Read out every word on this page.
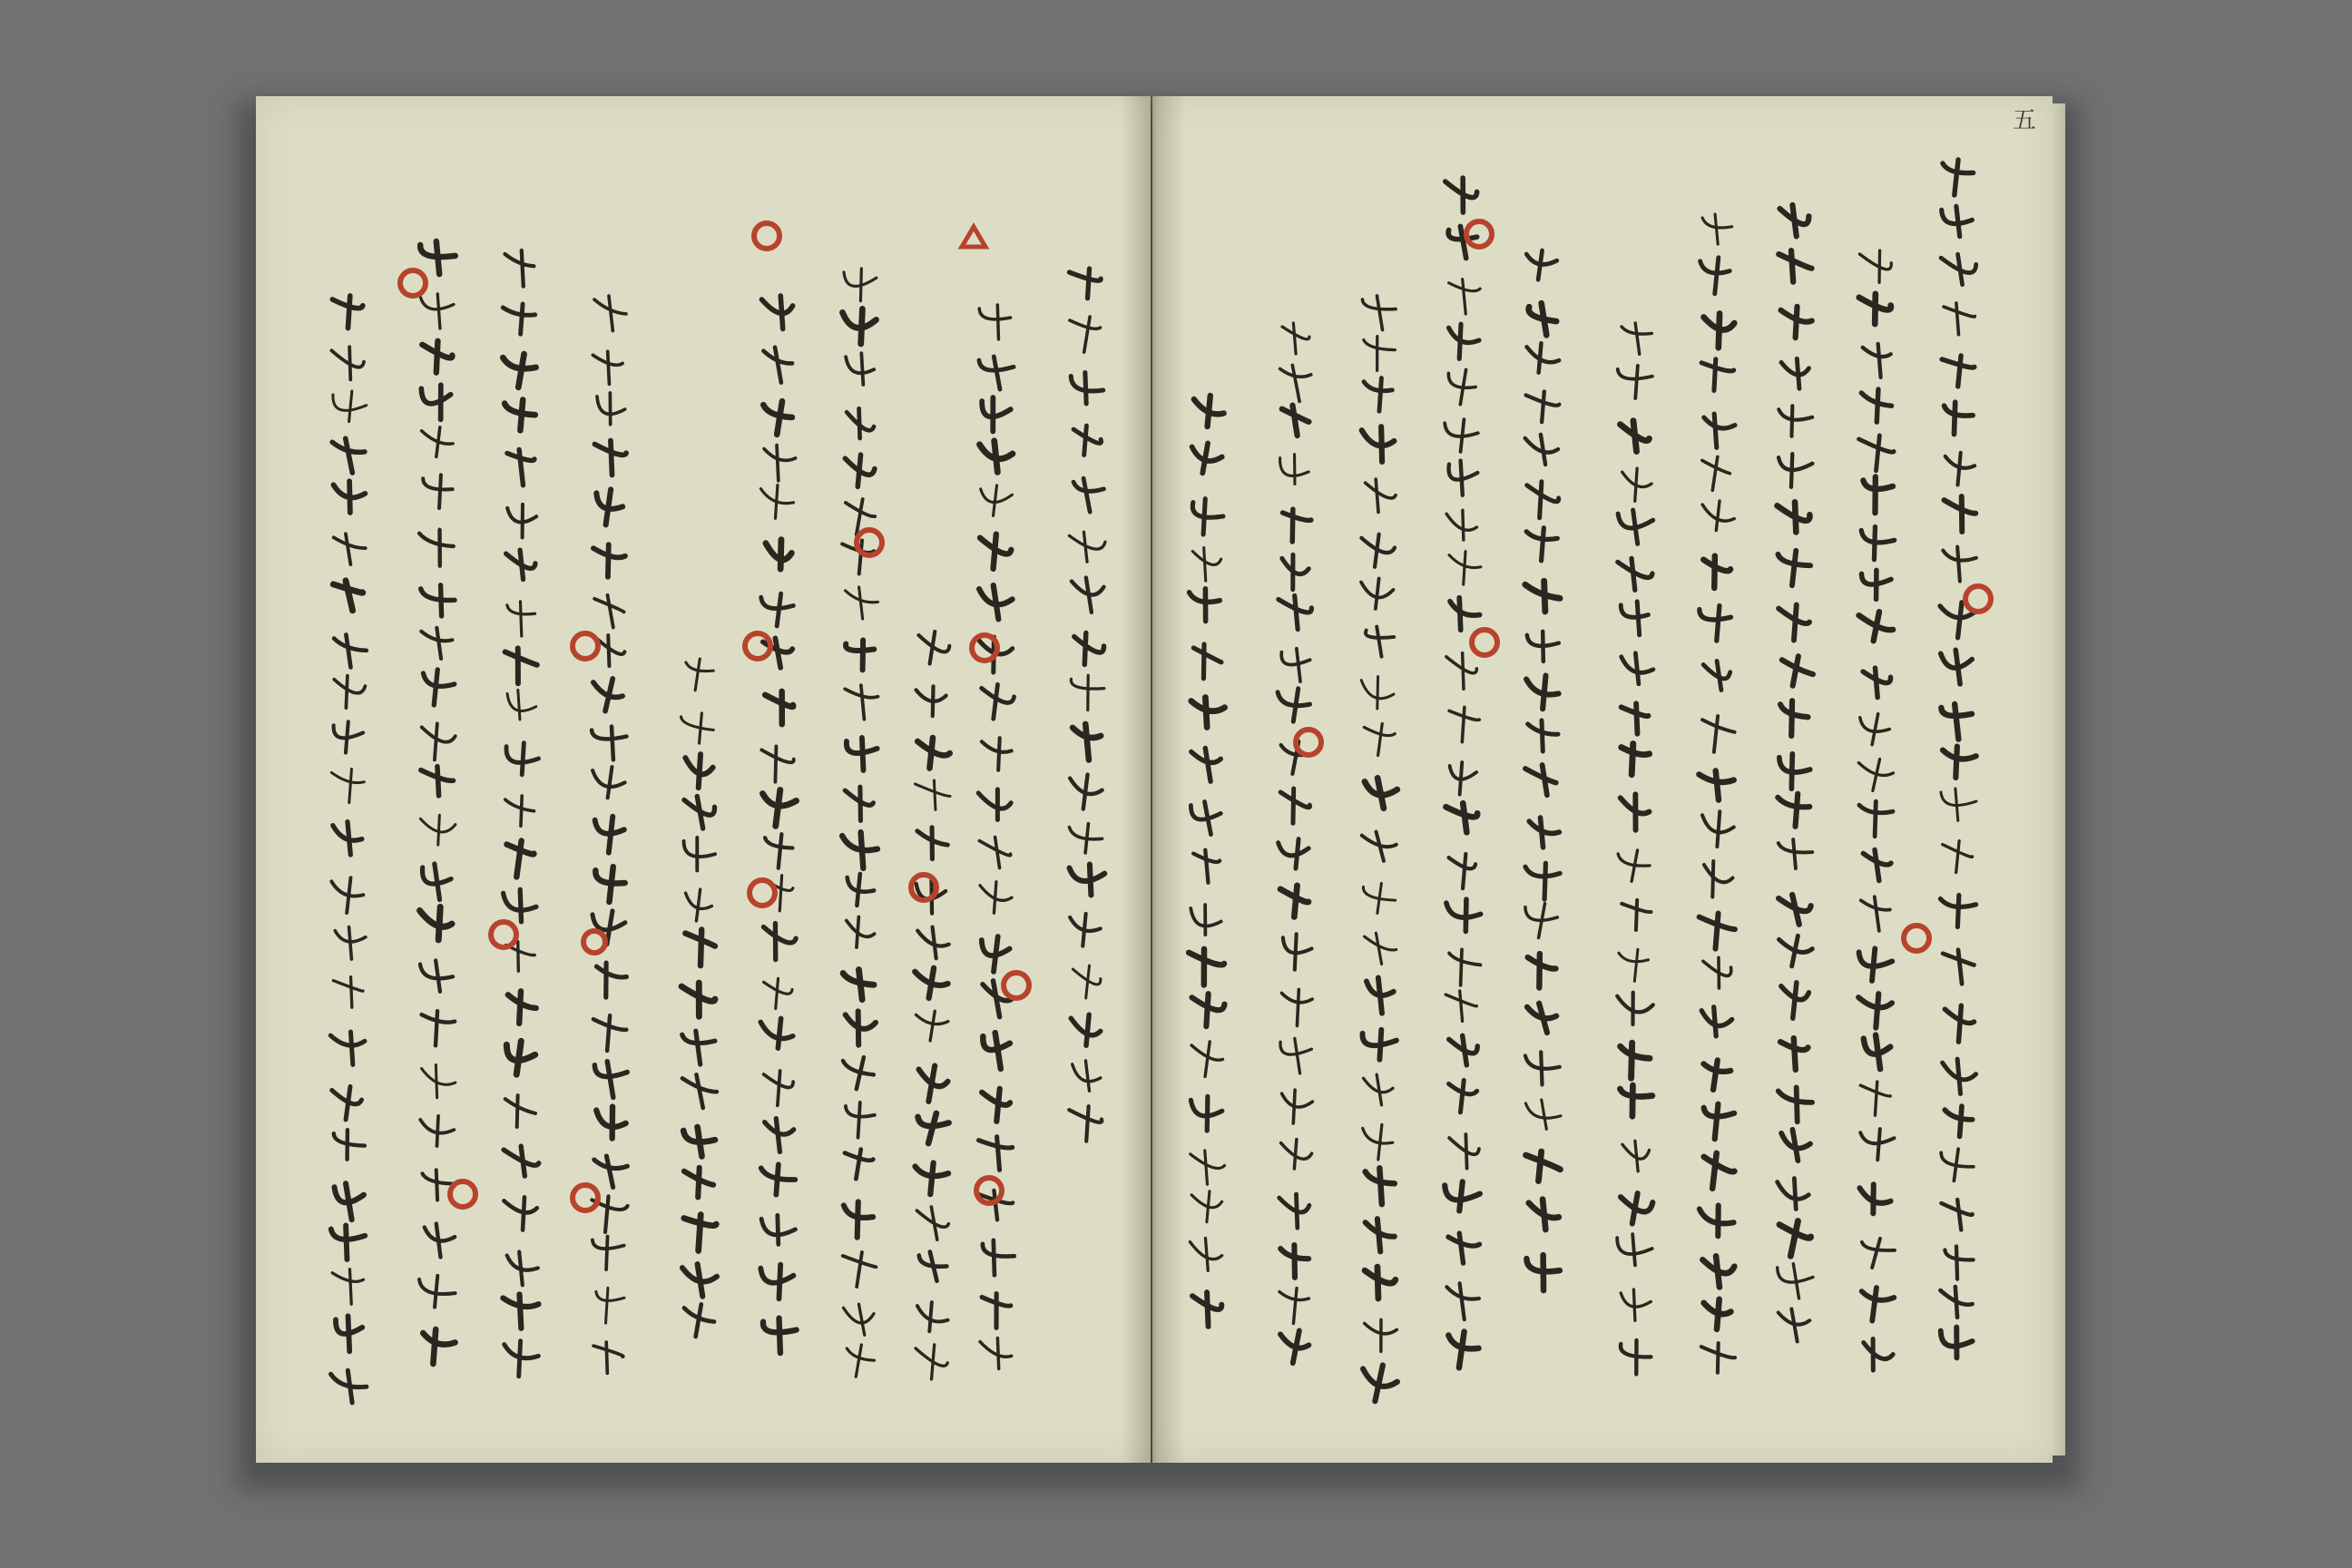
五
